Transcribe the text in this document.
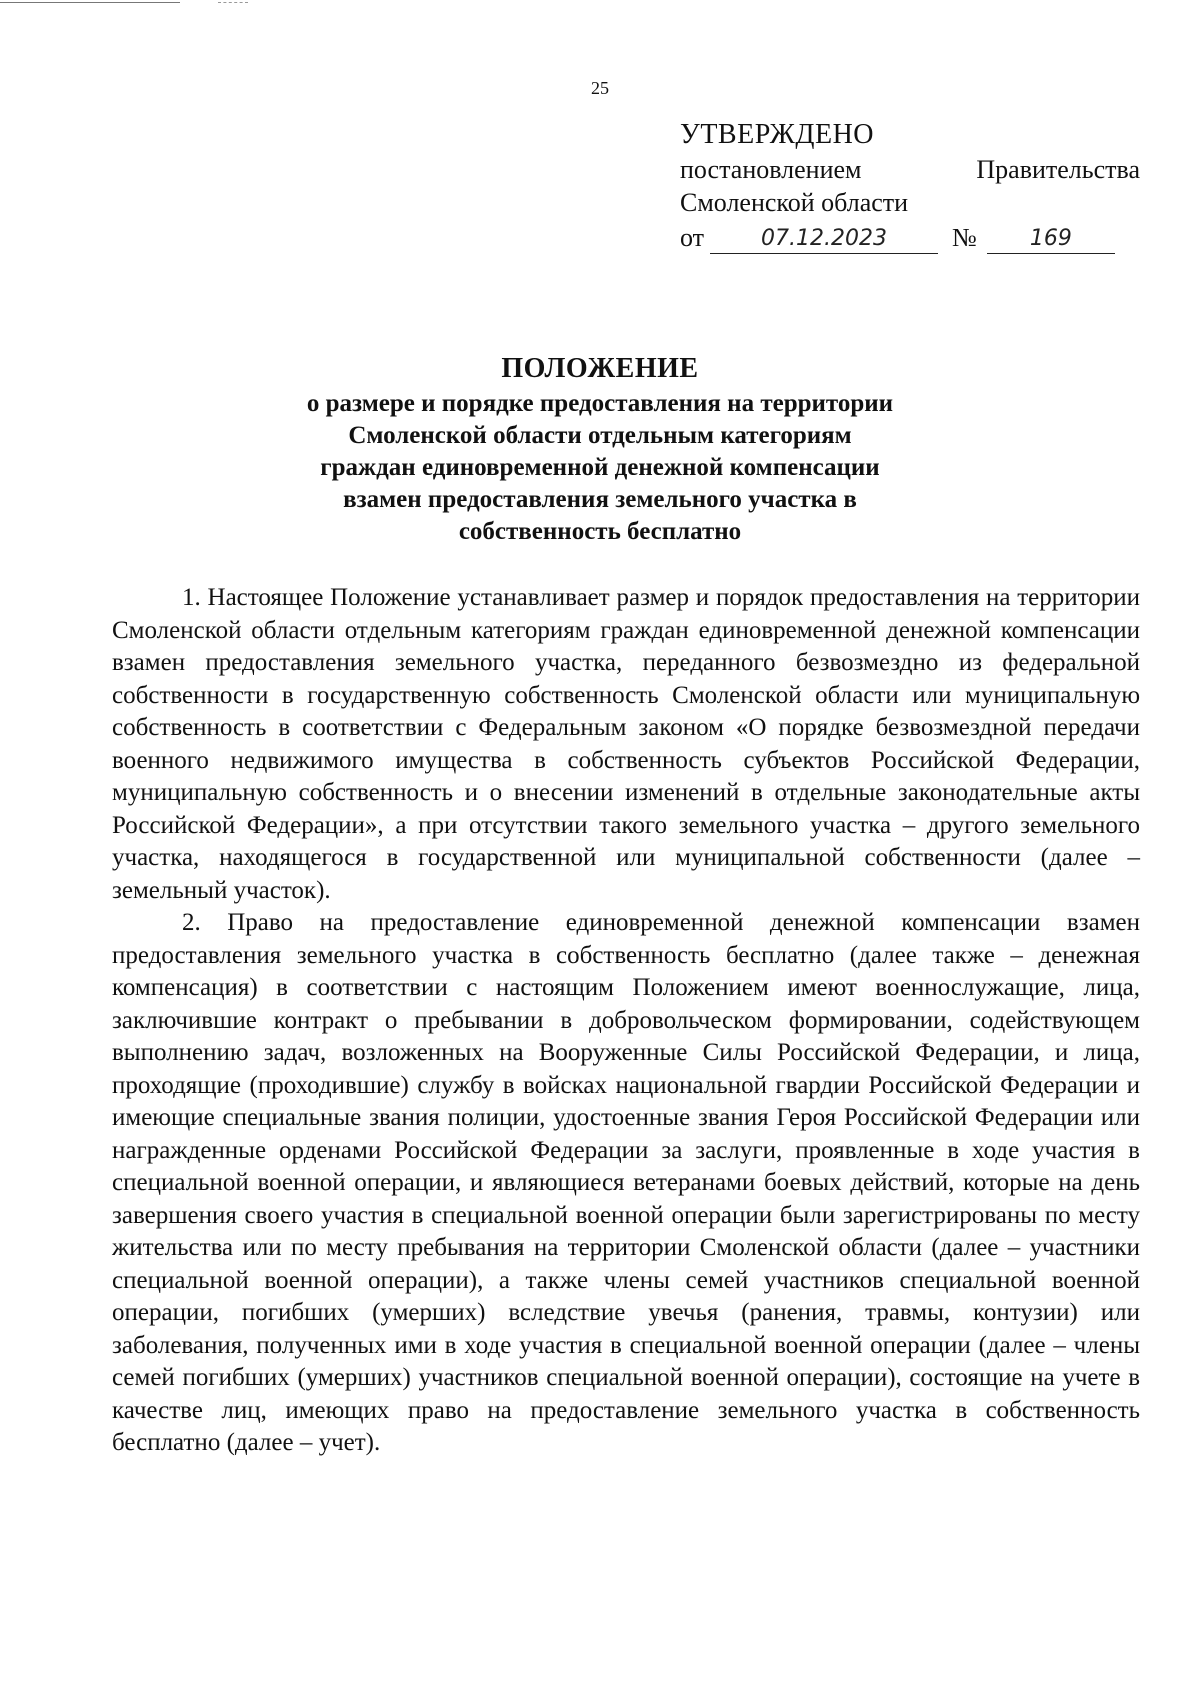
25
УТВЕРЖДЕНО
постановлением	Правительства
Смоленской области
от	07.12.2023	№	169
ПОЛОЖЕНИЕ
о размере и порядке предоставления на территории
Смоленской области отдельным категориям
граждан единовременной денежной компенсации
взамен предоставления земельного участка в
собственность бесплатно

1. Настоящее Положение устанавливает размер и порядок предоставления на территории Смоленской области отдельным категориям граждан единовременной денежной компенсации взамен предоставления земельного участка, переданного безвозмездно из федеральной собственности в государственную собственность Смоленской области или муниципальную собственность в соответствии с Федеральным законом «О порядке безвозмездной передачи военного недвижимого имущества в собственность субъектов Российской Федерации, муниципальную собственность и о внесении изменений в отдельные законодательные акты Российской Федерации», а при отсутствии такого земельного участка – другого земельного участка, находящегося в государственной или муниципальной собственности (далее – земельный участок).

2. Право на предоставление единовременной денежной компенсации взамен предоставления земельного участка в собственность бесплатно (далее также – денежная компенсация) в соответствии с настоящим Положением имеют военнослужащие, лица, заключившие контракт о пребывании в добровольческом формировании, содействующем выполнению задач, возложенных на Вооруженные Силы Российской Федерации, и лица, проходящие (проходившие) службу в войсках национальной гвардии Российской Федерации и имеющие специальные звания полиции, удостоенные звания Героя Российской Федерации или награжденные орденами Российской Федерации за заслуги, проявленные в ходе участия в специальной военной операции, и являющиеся ветеранами боевых действий, которые на день завершения своего участия в специальной военной операции были зарегистрированы по месту жительства или по месту пребывания на территории Смоленской области (далее – участники специальной военной операции), а также члены семей участников специальной военной операции, погибших (умерших) вследствие увечья (ранения, травмы, контузии) или заболевания, полученных ими в ходе участия в специальной военной операции (далее – члены семей погибших (умерших) участников специальной военной операции), состоящие на учете в качестве лиц, имеющих право на предоставление земельного участка в собственность бесплатно (далее – учет).
